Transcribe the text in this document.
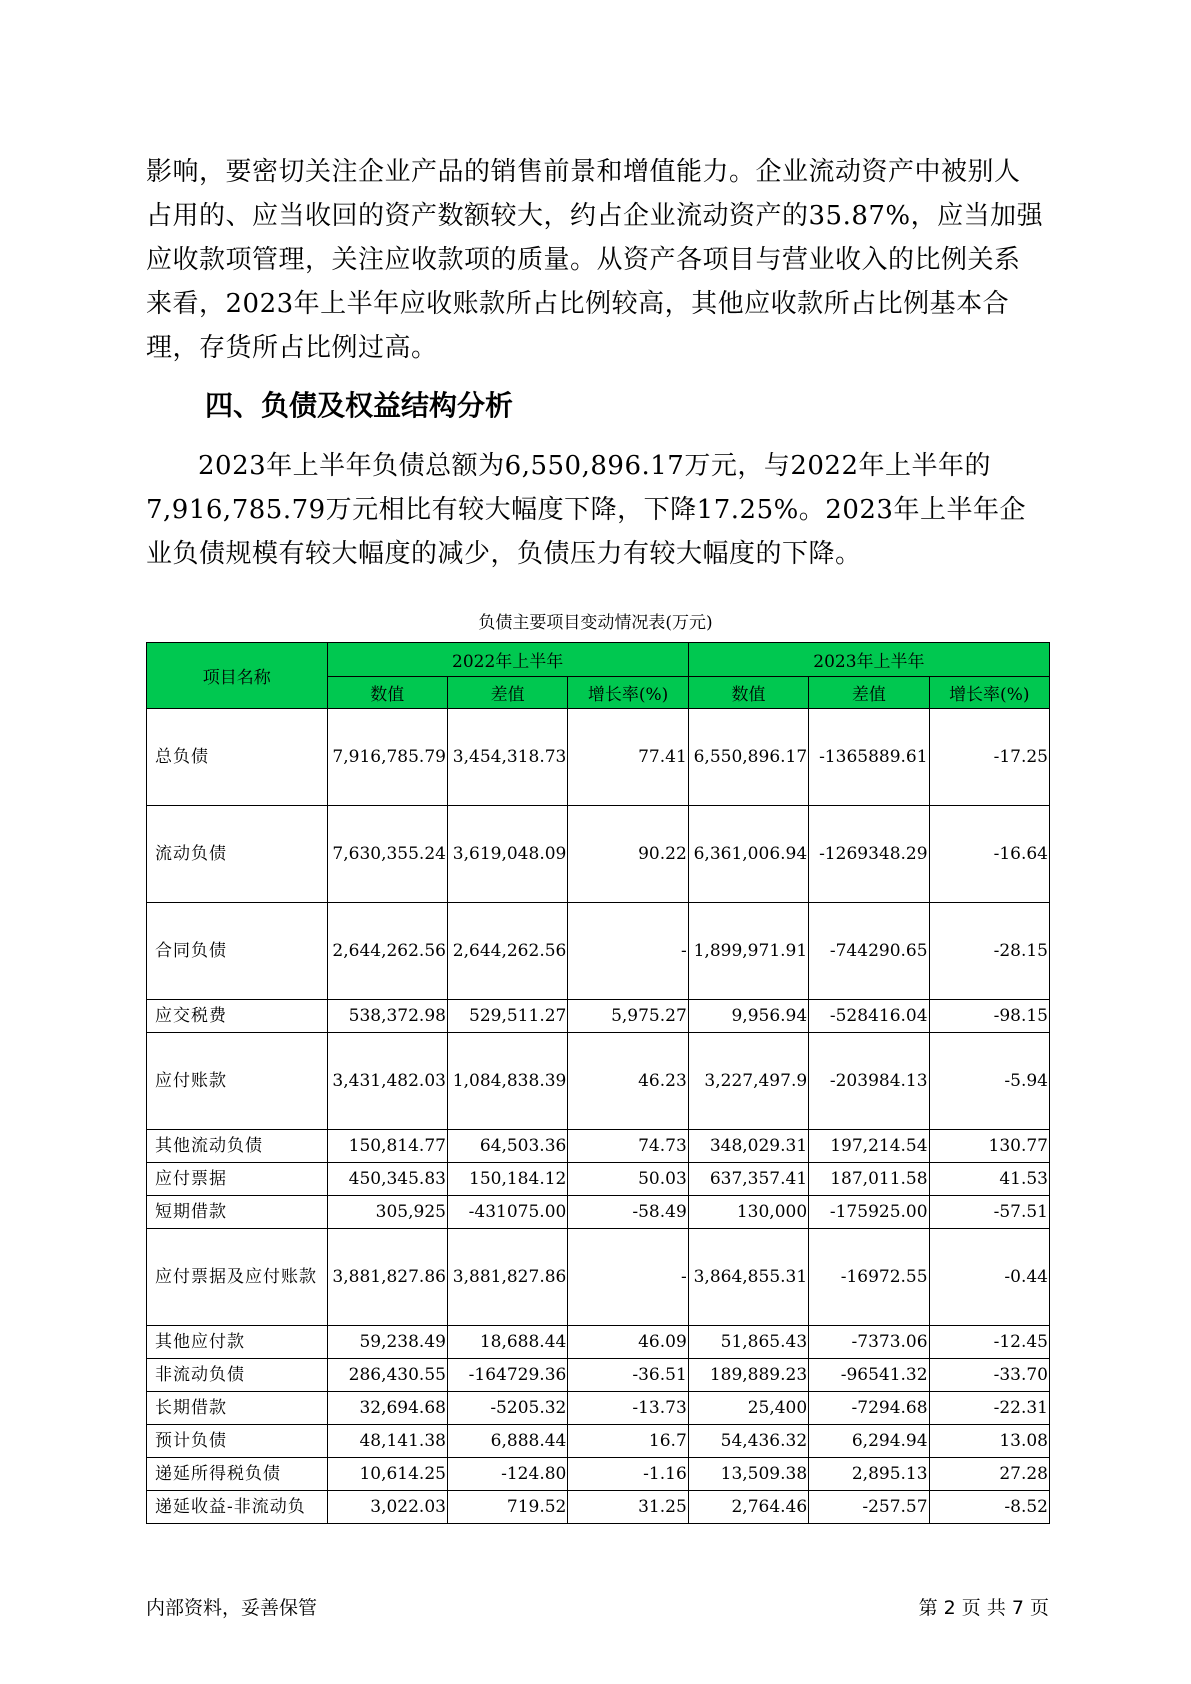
影响，要密切关注企业产品的销售前景和增值能力。企业流动资产中被别人占用的、应当收回的资产数额较大，约占企业流动资产的35.87%，应当加强应收款项管理，关注应收款项的质量。从资产各项目与营业收入的比例关系来看，2023年上半年应收账款所占比例较高，其他应收款所占比例基本合理，存货所占比例过高。

四、负债及权益结构分析

2023年上半年负债总额为6,550,896.17万元，与2022年上半年的7,916,785.79万元相比有较大幅度下降，下降17.25%。2023年上半年企业负债规模有较大幅度的减少，负债压力有较大幅度的下降。

负债主要项目变动情况表(万元)
项目名称	2022年上半年			2023年上半年		
	数值	差值	增长率(%)	数值	差值	增长率(%)
总负债	7,916,785.79	3,454,318.73	77.41	6,550,896.17	-1365889.61	-17.25
流动负债	7,630,355.24	3,619,048.09	90.22	6,361,006.94	-1269348.29	-16.64
合同负债	2,644,262.56	2,644,262.56	-	1,899,971.91	-744290.65	-28.15
应交税费	538,372.98	529,511.27	5,975.27	9,956.94	-528416.04	-98.15
应付账款	3,431,482.03	1,084,838.39	46.23	3,227,497.9	-203984.13	-5.94
其他流动负债	150,814.77	64,503.36	74.73	348,029.31	197,214.54	130.77
应付票据	450,345.83	150,184.12	50.03	637,357.41	187,011.58	41.53
短期借款	305,925	-431075.00	-58.49	130,000	-175925.00	-57.51
应付票据及应付账款	3,881,827.86	3,881,827.86	-	3,864,855.31	-16972.55	-0.44
其他应付款	59,238.49	18,688.44	46.09	51,865.43	-7373.06	-12.45
非流动负债	286,430.55	-164729.36	-36.51	189,889.23	-96541.32	-33.70
长期借款	32,694.68	-5205.32	-13.73	25,400	-7294.68	-22.31
预计负债	48,141.38	6,888.44	16.7	54,436.32	6,294.94	13.08
递延所得税负债	10,614.25	-124.80	-1.16	13,509.38	2,895.13	27.28
递延收益-非流动负	3,022.03	719.52	31.25	2,764.46	-257.57	-8.52
内部资料，妥善保管	第 2 页 共 7 页
